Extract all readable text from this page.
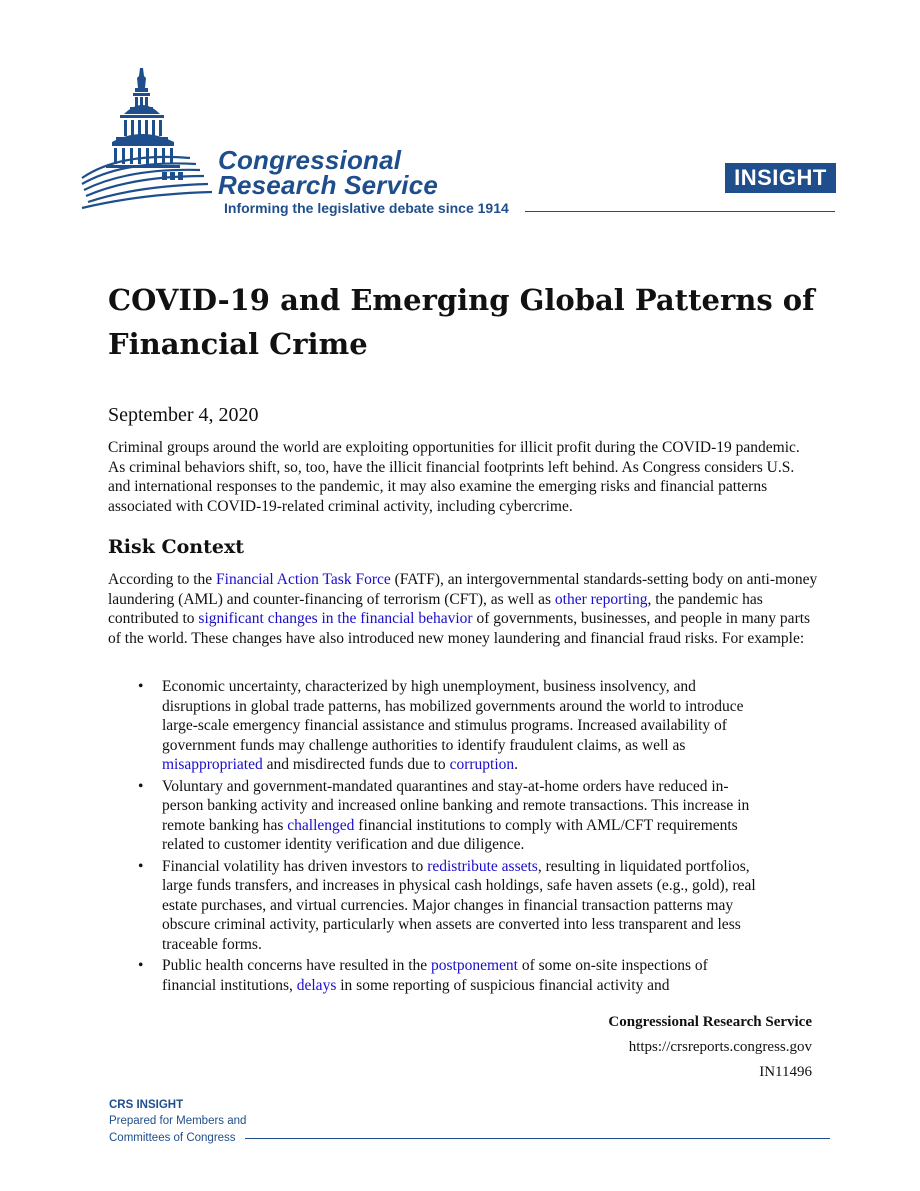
Congressional
Research Service
Informing the legislative debate since 1914
INSIGHT
COVID-19 and Emerging Global Patterns of
Financial Crime
September 4, 2020
Criminal groups around the world are exploiting opportunities for illicit profit during the COVID-19 pandemic. As criminal behaviors shift, so, too, have the illicit financial footprints left behind. As Congress considers U.S. and international responses to the pandemic, it may also examine the emerging risks and financial patterns associated with COVID-19-related criminal activity, including cybercrime.
Risk Context
According to the Financial Action Task Force (FATF), an intergovernmental standards-setting body on anti-money laundering (AML) and counter-financing of terrorism (CFT), as well as other reporting, the pandemic has contributed to significant changes in the financial behavior of governments, businesses, and people in many parts of the world. These changes have also introduced new money laundering and financial fraud risks. For example:
• Economic uncertainty, characterized by high unemployment, business insolvency, and disruptions in global trade patterns, has mobilized governments around the world to introduce large-scale emergency financial assistance and stimulus programs. Increased availability of government funds may challenge authorities to identify fraudulent claims, as well as misappropriated and misdirected funds due to corruption.
• Voluntary and government-mandated quarantines and stay-at-home orders have reduced in-person banking activity and increased online banking and remote transactions. This increase in remote banking has challenged financial institutions to comply with AML/CFT requirements related to customer identity verification and due diligence.
• Financial volatility has driven investors to redistribute assets, resulting in liquidated portfolios, large funds transfers, and increases in physical cash holdings, safe haven assets (e.g., gold), real estate purchases, and virtual currencies. Major changes in financial transaction patterns may obscure criminal activity, particularly when assets are converted into less transparent and less traceable forms.
• Public health concerns have resulted in the postponement of some on-site inspections of financial institutions, delays in some reporting of suspicious financial activity and
Congressional Research Service
https://crsreports.congress.gov
IN11496
CRS INSIGHT
Prepared for Members and
Committees of Congress
